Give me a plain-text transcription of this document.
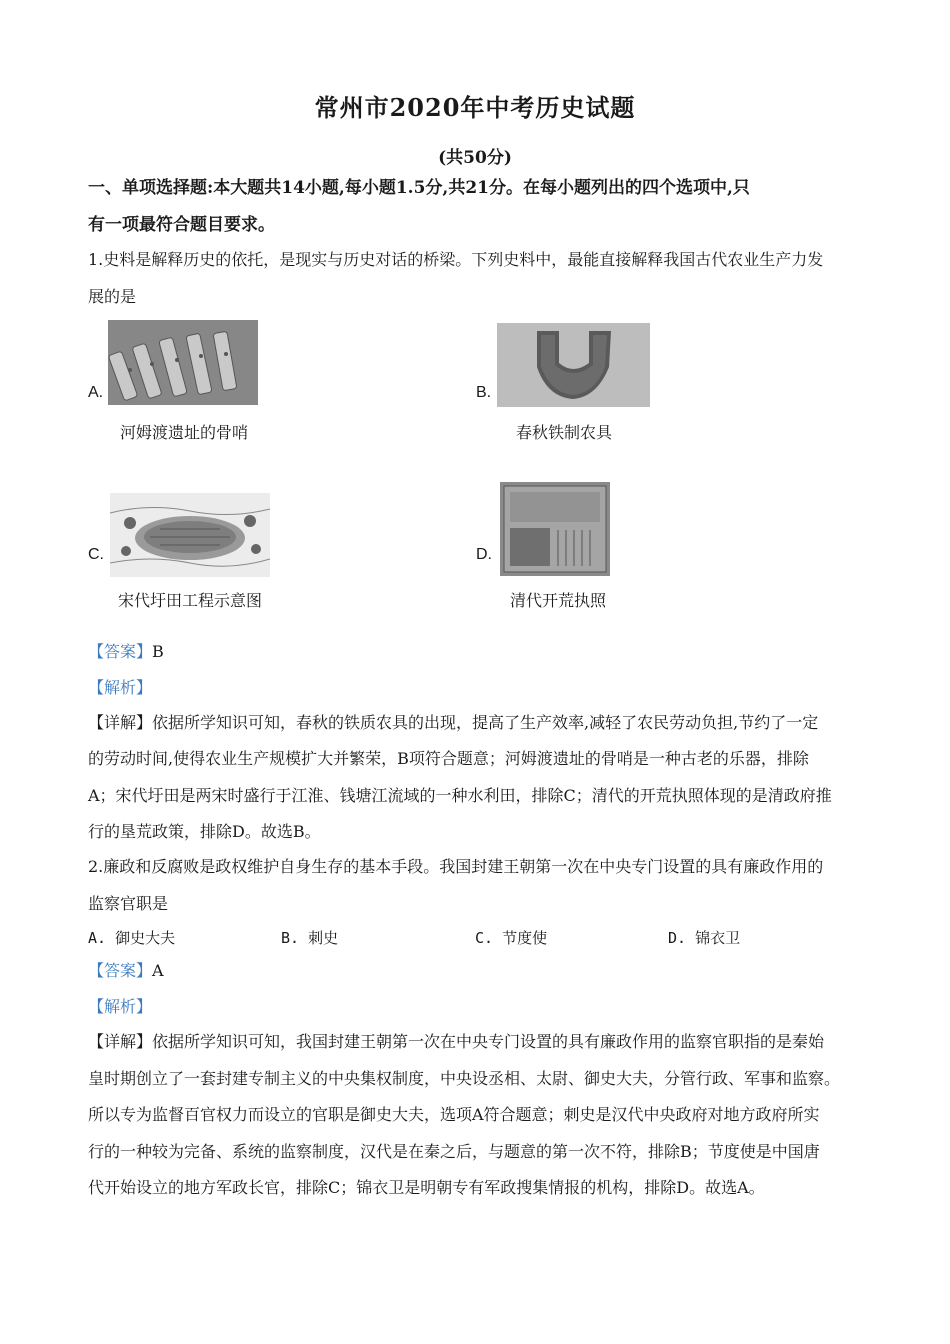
常州市2020年中考历史试题
(共50分)
一、单项选择题:本大题共14小题,每小题1.5分,共21分。在每小题列出的四个选项中,只
有一项最符合题目要求。
1.史料是解释历史的依托，是现实与历史对话的桥梁。下列史料中，最能直接解释我国古代农业生产力发
展的是
A.
河姆渡遗址的骨哨
B.
春秋铁制农具
C.
宋代圩田工程示意图
D.
清代开荒执照
【答案】B
【解析】
【详解】依据所学知识可知，春秋的铁质农具的出现，提高了生产效率,减轻了农民劳动负担,节约了一定
的劳动时间,使得农业生产规模扩大并繁荣，B项符合题意；河姆渡遗址的骨哨是一种古老的乐器，排除
A；宋代圩田是两宋时盛行于江淮、钱塘江流域的一种水利田，排除C；清代的开荒执照体现的是清政府推
行的垦荒政策，排除D。故选B。
2.廉政和反腐败是政权维护自身生存的基本手段。我国封建王朝第一次在中央专门设置的具有廉政作用的
监察官职是
A. 御史大夫	B. 刺史	C. 节度使	D. 锦衣卫
【答案】A
【解析】
【详解】依据所学知识可知，我国封建王朝第一次在中央专门设置的具有廉政作用的监察官职指的是秦始
皇时期创立了一套封建专制主义的中央集权制度，中央设丞相、太尉、御史大夫，分管行政、军事和监察。
所以专为监督百官权力而设立的官职是御史大夫，选项A符合题意；刺史是汉代中央政府对地方政府所实
行的一种较为完备、系统的监察制度，汉代是在秦之后，与题意的第一次不符，排除B；节度使是中国唐
代开始设立的地方军政长官，排除C；锦衣卫是明朝专有军政搜集情报的机构，排除D。故选A。
